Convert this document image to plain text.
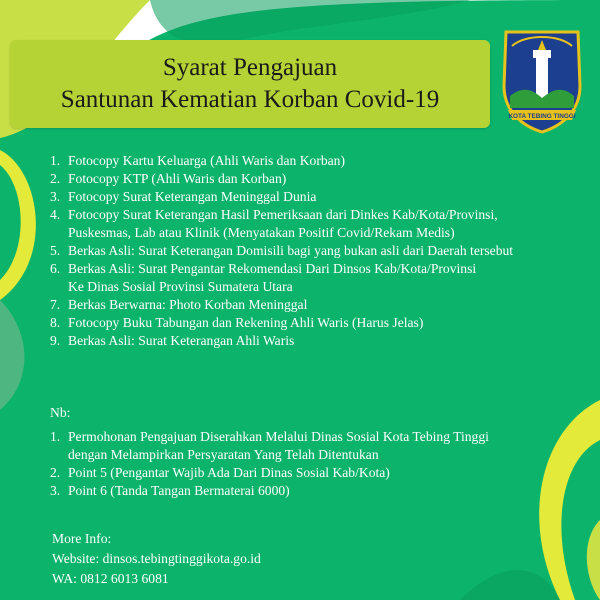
Syarat Pengajuan
Santunan Kematian Korban Covid-19
KOTA TEBING TINGGI
1. Fotocopy Kartu Keluarga (Ahli Waris dan Korban)
2. Fotocopy KTP (Ahli Waris dan Korban)
3. Fotocopy Surat Keterangan Meninggal Dunia
4. Fotocopy Surat Keterangan Hasil Pemeriksaan dari Dinkes Kab/Kota/Provinsi,
Puskesmas, Lab atau Klinik (Menyatakan Positif Covid/Rekam Medis)
5. Berkas Asli: Surat Keterangan Domisili bagi yang bukan asli dari Daerah tersebut
6. Berkas Asli: Surat Pengantar Rekomendasi Dari Dinsos Kab/Kota/Provinsi
Ke Dinas Sosial Provinsi Sumatera Utara
7. Berkas Berwarna: Photo Korban Meninggal
8. Fotocopy Buku Tabungan dan Rekening Ahli Waris (Harus Jelas)
9. Berkas Asli: Surat Keterangan Ahli Waris
Nb:
1. Permohonan Pengajuan Diserahkan Melalui Dinas Sosial Kota Tebing Tinggi
dengan Melampirkan Persyaratan Yang Telah Ditentukan
2. Point 5 (Pengantar Wajib Ada Dari Dinas Sosial Kab/Kota)
3. Point 6 (Tanda Tangan Bermaterai 6000)
More Info:
Website: dinsos.tebingtinggikota.go.id
WA: 0812 6013 6081
